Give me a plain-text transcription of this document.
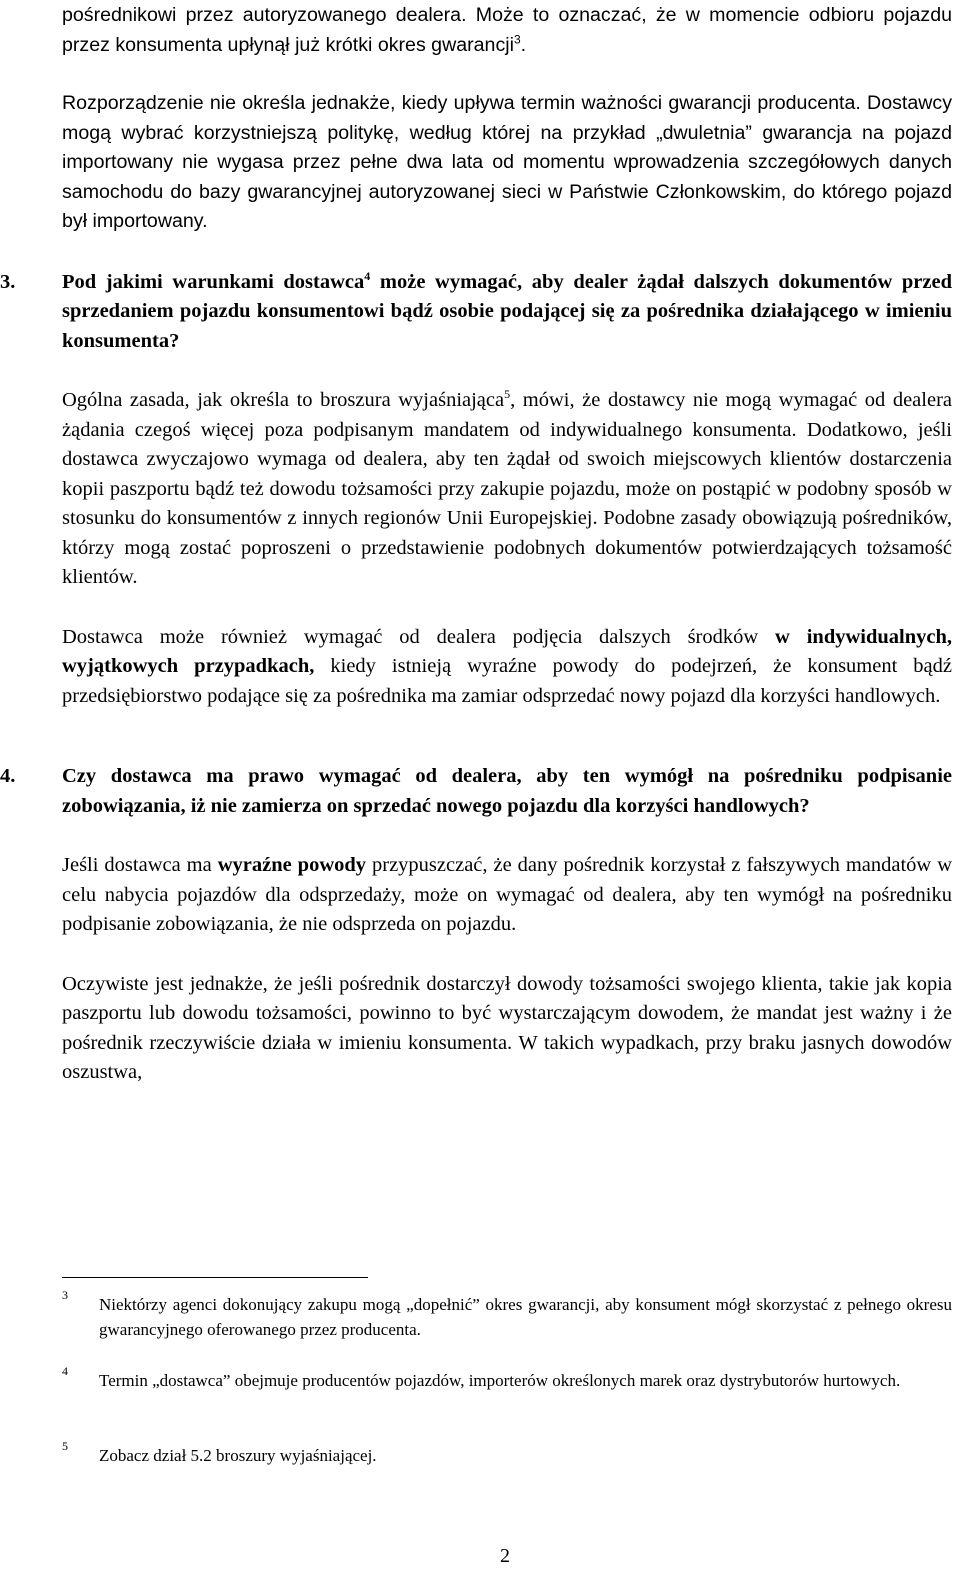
pośrednikowi przez autoryzowanego dealera. Może to oznaczać, że w momencie odbioru pojazdu przez konsumenta upłynął już krótki okres gwarancji$^3$.

Rozporządzenie nie określa jednakże, kiedy upływa termin ważności gwarancji producenta. Dostawcy mogą wybrać korzystniejszą politykę, według której na przykład „dwuletnia” gwarancja na pojazd importowany nie wygasa przez pełne dwa lata od momentu wprowadzenia szczegółowych danych samochodu do bazy gwarancyjnej autoryzowanej sieci w Państwie Członkowskim, do którego pojazd był importowany.

3.	Pod jakimi warunkami dostawca$^4$ może wymagać, aby dealer żądał dalszych dokumentów przed sprzedaniem pojazdu konsumentowi bądź osobie podającej się za pośrednika działającego w imieniu konsumenta?

Ogólna zasada, jak określa to broszura wyjaśniająca$^5$, mówi, że dostawcy nie mogą wymagać od dealera żądania czegoś więcej poza podpisanym mandatem od indywidualnego konsumenta. Dodatkowo, jeśli dostawca zwyczajowo wymaga od dealera, aby ten żądał od swoich miejscowych klientów dostarczenia kopii paszportu bądź też dowodu tożsamości przy zakupie pojazdu, może on postąpić w podobny sposób w stosunku do konsumentów z innych regionów Unii Europejskiej. Podobne zasady obowiązują pośredników, którzy mogą zostać poproszeni o przedstawienie podobnych dokumentów potwierdzających tożsamość klientów.

Dostawca może również wymagać od dealera podjęcia dalszych środków w indywidualnych, wyjątkowych przypadkach, kiedy istnieją wyraźne powody do podejrzeń, że konsument bądź przedsiębiorstwo podające się za pośrednika ma zamiar odsprzedać nowy pojazd dla korzyści handlowych.

4.	Czy dostawca ma prawo wymagać od dealera, aby ten wymógł na pośredniku podpisanie zobowiązania, iż nie zamierza on sprzedać nowego pojazdu dla korzyści handlowych?

Jeśli dostawca ma wyraźne powody przypuszczać, że dany pośrednik korzystał z fałszywych mandatów w celu nabycia pojazdów dla odsprzedaży, może on wymagać od dealera, aby ten wymógł na pośredniku podpisanie zobowiązania, że nie odsprzeda on pojazdu.

Oczywiste jest jednakże, że jeśli pośrednik dostarczył dowody tożsamości swojego klienta, takie jak kopia paszportu lub dowodu tożsamości, powinno to być wystarczającym dowodem, że mandat jest ważny i że pośrednik rzeczywiście działa w imieniu konsumenta. W takich wypadkach, przy braku jasnych dowodów oszustwa,

3 Niektórzy agenci dokonujący zakupu mogą „dopełnić” okres gwarancji, aby konsument mógł skorzystać z pełnego okresu gwarancyjnego oferowanego przez producenta.
4 Termin „dostawca” obejmuje producentów pojazdów, importerów określonych marek oraz dystrybutorów hurtowych.
5 Zobacz dział 5.2 broszury wyjaśniającej.
2
